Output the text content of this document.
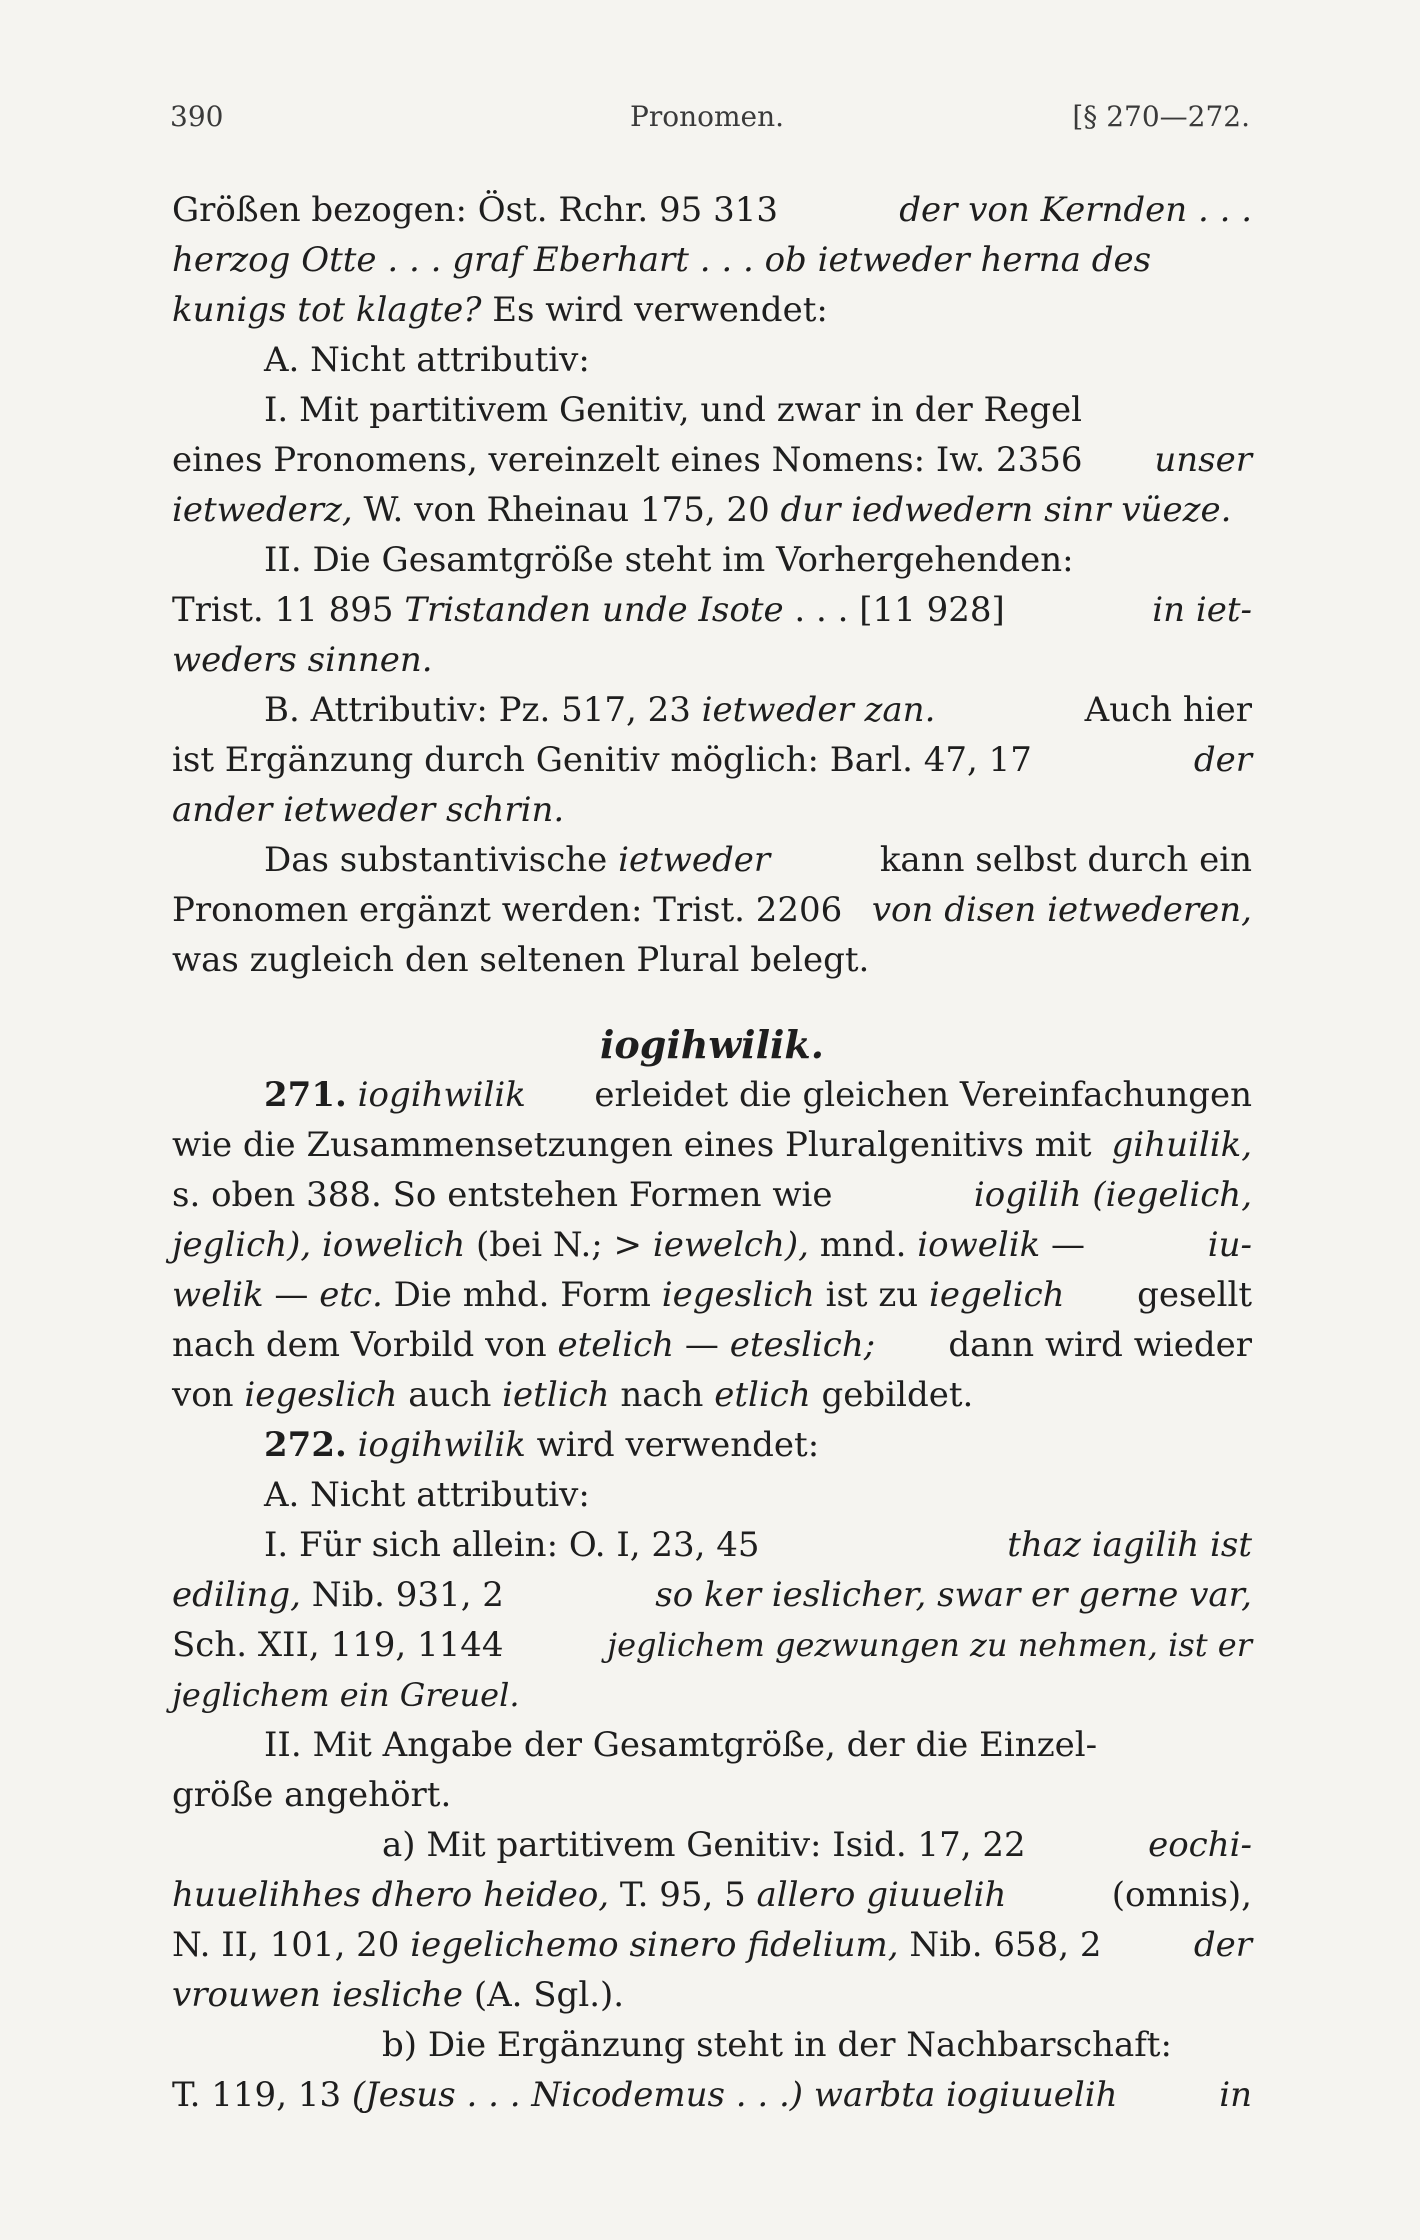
390	Pronomen.	[§ 270—272.
Größen bezogen: Öst. Rchr. 95 313	der von Kernden . . .
herzog Otte . . . graf Eberhart . . . ob ietweder herna des
kunigs tot klagte? Es wird verwendet:
A. Nicht attributiv:
I. Mit partitivem Genitiv, und zwar in der Regel
eines Pronomens, vereinzelt eines Nomens: Iw. 2356 unser
ietwederz, W. von Rheinau 175, 20 dur iedwedern sinr vüeze.
II. Die Gesamtgröße steht im Vorhergehenden:
Trist. 11 895 Tristanden unde Isote . . . [11 928]	in iet-
weders sinnen.
B. Attributiv: Pz. 517, 23 ietweder zan.	Auch hier
ist Ergänzung durch Genitiv möglich: Barl. 47, 17	der
ander ietweder schrin.
Das substantivische ietweder	kann selbst durch ein
Pronomen ergänzt werden: Trist. 2206 von disen ietwederen,
was zugleich den seltenen Plural belegt.
iogihwilik.
271. iogihwilik erleidet die gleichen Vereinfachungen
wie die Zusammensetzungen eines Pluralgenitivs mit gihuilik,
s. oben 388. So entstehen Formen wie	iogilih (iegelich,
jeglich), iowelich (bei N.; > iewelch), mnd. iowelik —	iu-
welik — etc. Die mhd. Form iegeslich ist zu iegelich gesellt
nach dem Vorbild von etelich — eteslich; dann wird wieder
von iegeslich auch ietlich nach etlich gebildet.
272. iogihwilik wird verwendet:
A. Nicht attributiv:
I. Für sich allein: O. I, 23, 45	thaz iagilih ist
ediling, Nib. 931, 2	so ker ieslicher, swar er gerne var,
Sch. XII, 119, 1144	jeglichem gezwungen zu nehmen, ist er
jeglichem ein Greuel.
II. Mit Angabe der Gesamtgröße, der die Einzel-
größe angehört.
a) Mit partitivem Genitiv: Isid. 17, 22	eochi-
huuelihhes dhero heideo, T. 95, 5 allero giuuelih	(omnis),
N. II, 101, 20 iegelichemo sinero fidelium, Nib. 658, 2	der
vrouwen iesliche (A. Sgl.).
b) Die Ergänzung steht in der Nachbarschaft:
T. 119, 13 (Jesus . . . Nicodemus . . .) warbta iogiuuelih	in
